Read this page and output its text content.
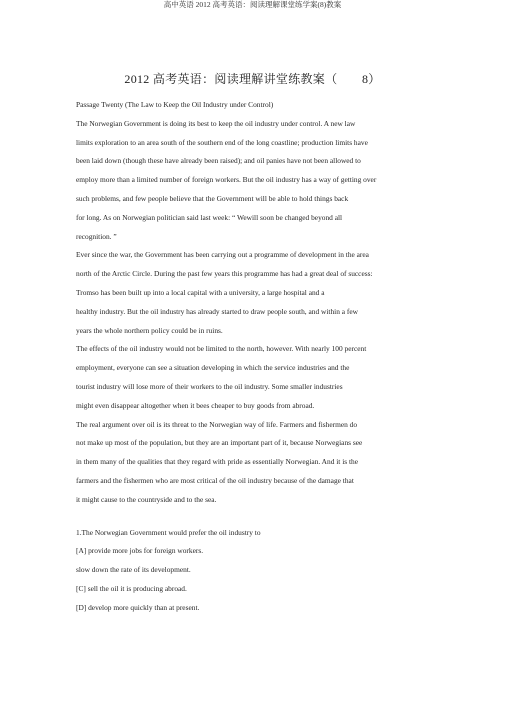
高中英语 2012 高考英语：阅读理解课堂练学案(8)教案
2012 高考英语：阅读理解讲堂练教案（　　8）
Passage Twenty (The Law to Keep the Oil Industry under Control)
The Norwegian Government is doing its best to keep the oil industry under control. A new law
limits exploration to an area south of the southern end of the long coastline; production limits have
been laid down (though these have already been raised); and oil panies have not been allowed to
employ more than a limited number of foreign workers. But the oil industry has a way of getting over
such problems, and few people believe that the Government will be able to hold things back
for long. As on Norwegian politician said last week: “ Wewill soon be changed beyond all
recognition. ”
Ever since the war, the Government has been carrying out a programme of development in the area
north of the Arctic Circle. During the past few years this programme has had a great deal of success:
Tromso has been built up into a local capital with a university, a large hospital and a
healthy industry. But the oil industry has already started to draw people south, and within a few
years the whole northern policy could be in ruins.
The effects of the oil industry would not be limited to the north, however. With nearly 100 percent
employment, everyone can see a situation developing in which the service industries and the
tourist industry will lose more of their workers to the oil industry. Some smaller industries
might even disappear altogether when it bees cheaper to buy goods from abroad.
The real argument over oil is its threat to the Norwegian way of life. Farmers and fishermen do
not make up most of the population, but they are an important part of it, because Norwegians see
in them many of the qualities that they regard with pride as essentially Norwegian. And it is the
farmers and the fishermen who are most critical of the oil industry because of the damage that
it might cause to the countryside and to the sea.
1.The Norwegian Government would prefer the oil industry to
[A] provide more jobs for foreign workers.
slow down the rate of its development.
[C] sell the oil it is producing abroad.
[D] develop more quickly than at present.
